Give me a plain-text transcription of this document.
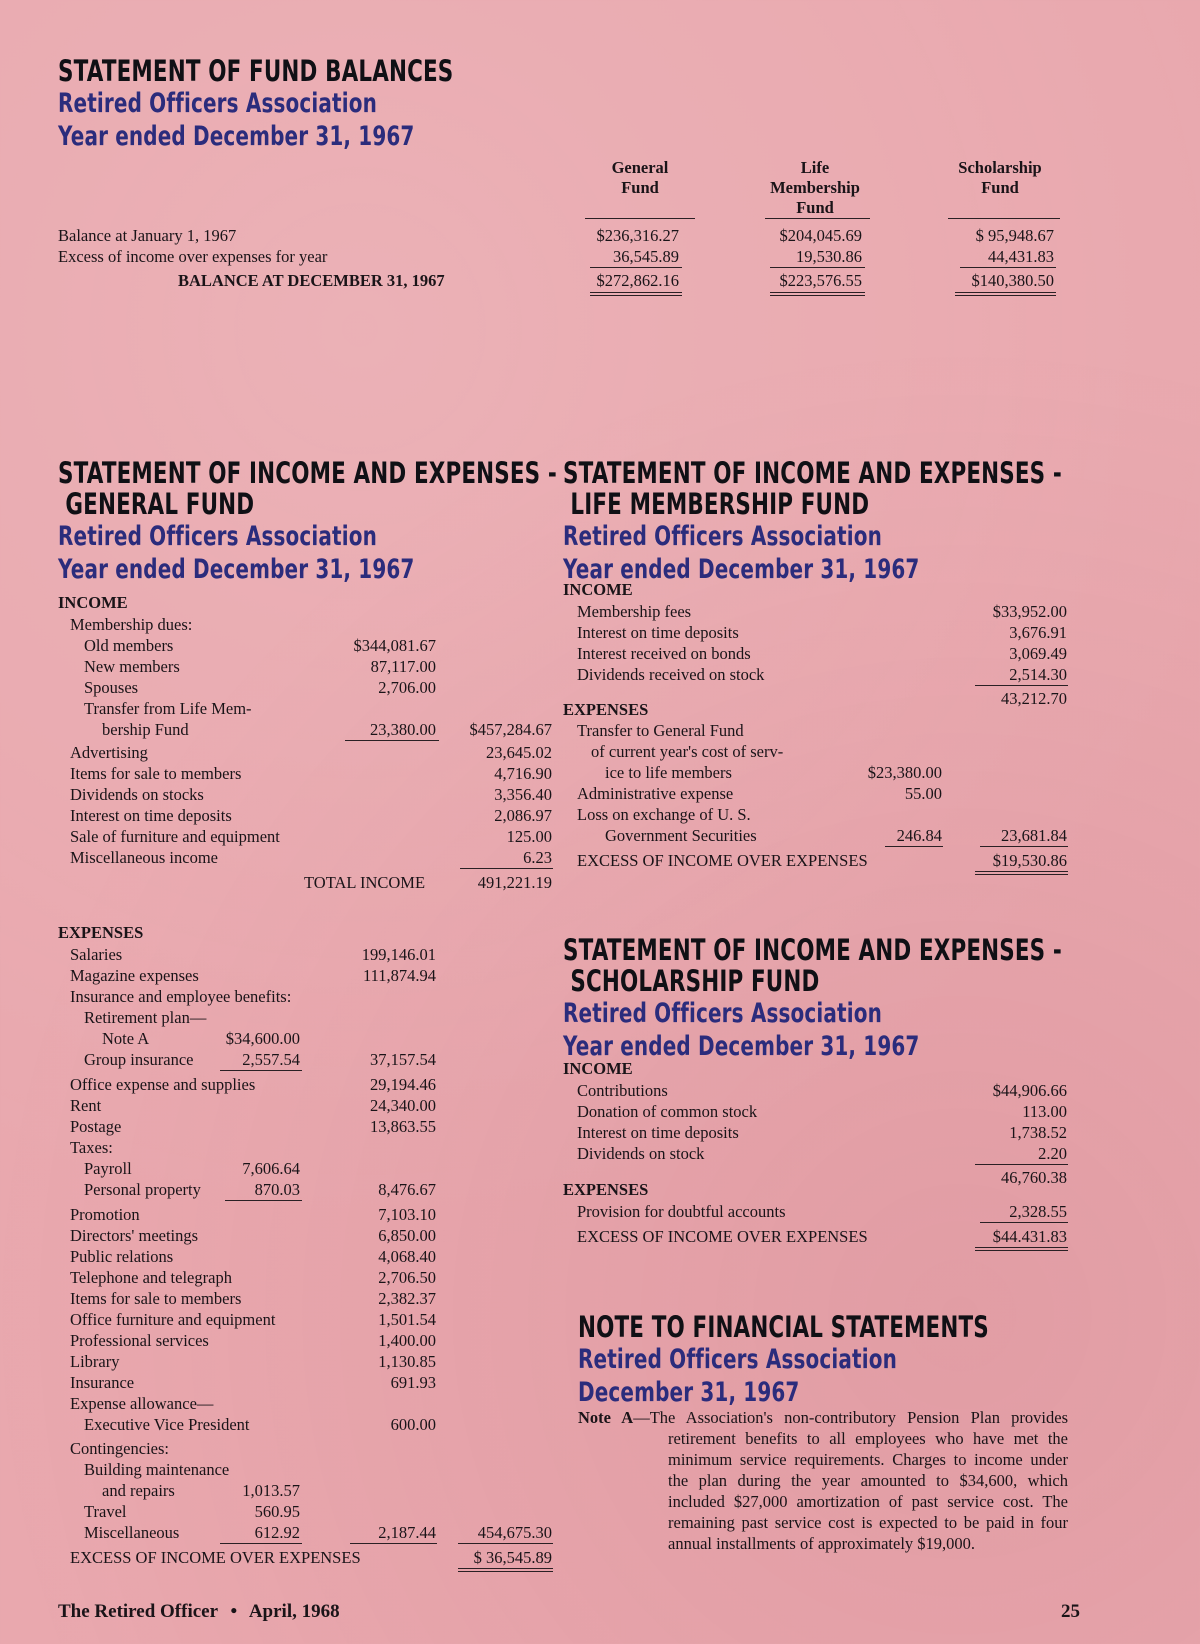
STATEMENT OF FUND BALANCES

Retired Officers Association

Year ended December 31, 1967

General
Fund
Life
Membership
Fund
Scholarship
Fund
Balance at January 1, 1967	$236,316.27	$204,045.69	$ 95,948.67
Excess of income over expenses for year	36,545.89	19,530.86	44,431.83
BALANCE AT DECEMBER 31, 1967	$272,862.16	$223,576.55	$140,380.50

STATEMENT OF INCOME AND EXPENSES -

GENERAL FUND

Retired Officers Association

Year ended December 31, 1967

INCOME
Membership dues:
Old members	$344,081.67
New members	87,117.00
Spouses	2,706.00
Transfer from Life Mem-
bership Fund	23,380.00	$457,284.67
Advertising	23,645.02
Items for sale to members	4,716.90
Dividends on stocks	3,356.40
Interest on time deposits	2,086.97
Sale of furniture and equipment	125.00
Miscellaneous income	6.23
TOTAL INCOME	491,221.19
EXPENSES
Salaries	199,146.01
Magazine expenses	111,874.94
Insurance and employee benefits:
Retirement plan—
Note A	$34,600.00
Group insurance	2,557.54	37,157.54
Office expense and supplies	29,194.46
Rent	24,340.00
Postage	13,863.55
Taxes:
Payroll	7,606.64
Personal property	870.03	8,476.67
Promotion	7,103.10
Directors' meetings	6,850.00
Public relations	4,068.40
Telephone and telegraph	2,706.50
Items for sale to members	2,382.37
Office furniture and equipment	1,501.54
Professional services	1,400.00
Library	1,130.85
Insurance	691.93
Expense allowance—
Executive Vice President	600.00
Contingencies:
Building maintenance
and repairs	1,013.57
Travel	560.95
Miscellaneous	612.92	2,187.44	454,675.30
EXCESS OF INCOME OVER EXPENSES	$ 36,545.89

STATEMENT OF INCOME AND EXPENSES -

LIFE MEMBERSHIP FUND

Retired Officers Association

Year ended December 31, 1967

INCOME
Membership fees	$33,952.00
Interest on time deposits	3,676.91
Interest received on bonds	3,069.49
Dividends received on stock	2,514.30
43,212.70
EXPENSES
Transfer to General Fund
of current year's cost of serv-
ice to life members	$23,380.00
Administrative expense	55.00
Loss on exchange of U. S.
Government Securities	246.84	23,681.84
EXCESS OF INCOME OVER EXPENSES	$19,530.86

STATEMENT OF INCOME AND EXPENSES -

SCHOLARSHIP FUND

Retired Officers Association

Year ended December 31, 1967

INCOME
Contributions	$44,906.66
Donation of common stock	113.00
Interest on time deposits	1,738.52
Dividends on stock	2.20
46,760.38
EXPENSES
Provision for doubtful accounts	2,328.55
EXCESS OF INCOME OVER EXPENSES	$44.431.83

NOTE TO FINANCIAL STATEMENTS

Retired Officers Association

December 31, 1967

Note A—The Association's non-contributory Pension Plan provides retirement benefits to all employees who have met the minimum service requirements. Charges to income under the plan during the year amounted to $34,600, which included $27,000 amortization of past service cost. The remaining past service cost is expected to be paid in four annual installments of approximately $19,000.
The Retired Officer • April, 1968	25
